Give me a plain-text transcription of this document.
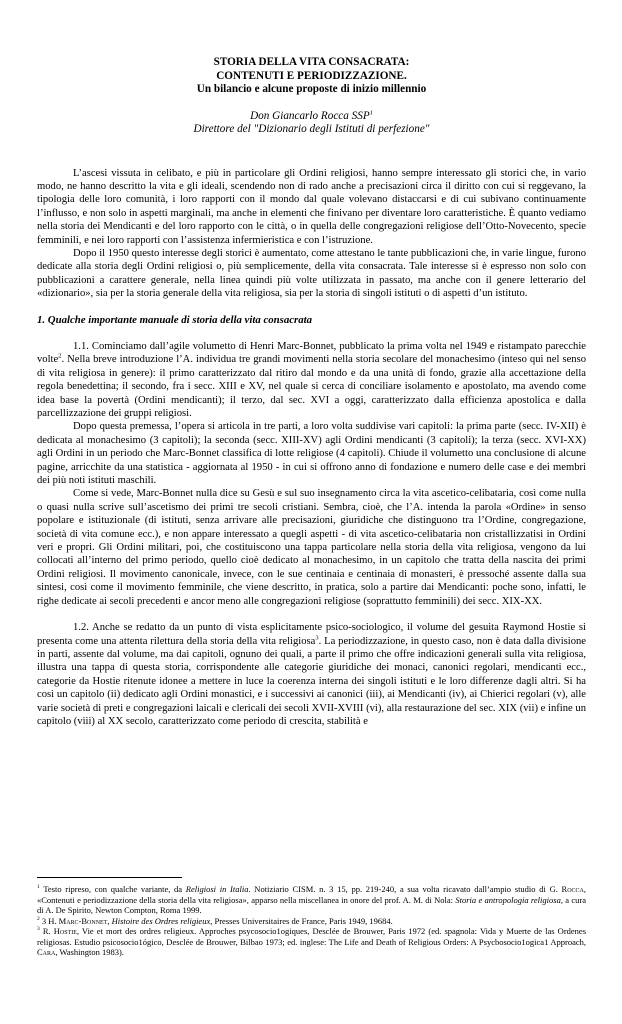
STORIA DELLA VITA CONSACRATA:

CONTENUTI E PERIODIZZAZIONE.

Un bilancio e alcune proposte di inizio millennio

Don Giancarlo Rocca SSP$^1$
Direttore del "Dizionario degli Istituti di perfezione"

L’ascesi vissuta in celibato, e più in particolare gli Ordini religiosi, hanno sempre interessato gli storici che, in vario modo, ne hanno descritto la vita e gli ideali, scendendo non di rado anche a precisazioni circa il diritto con cui si reggevano, la tipologia delle loro comunità, i loro rapporti con il mondo dal quale volevano distaccarsi e di cui subivano continuamente l’influsso, e non solo in aspetti marginali, ma anche in elementi che finivano per diventare loro caratteristiche. È quanto vediamo nella storia dei Mendicanti e del loro rapporto con le città, o in quella delle congregazioni religiose dell’Otto-Novecento, specie femminili, e nei loro rapporti con l’assistenza infermieristica e con l’istruzione.

Dopo il 1950 questo interesse degli storici è aumentato, come attestano le tante pubblicazioni che, in varie lingue, furono dedicate alla storia degli Ordini religiosi o, più semplicemente, della vita consacrata. Tale interesse si è espresso non solo con pubblicazioni a carattere generale, nella linea quindi più volte utilizzata in passato, ma anche con il genere letterario del «dizionario», sia per la storia generale della vita religiosa, sia per la storia di singoli istituti o di aspetti d’un istituto.

1. Qualche importante manuale di storia della vita consacrata

1.1. Cominciamo dall’agile volumetto di Henri Marc-Bonnet, pubblicato la prima volta nel 1949 e ristampato parecchie volte$^2$. Nella breve introduzione l’A. individua tre grandi movimenti nella storia secolare del monachesimo (inteso qui nel senso di vita religiosa in genere): il primo caratterizzato dal ritiro dal mondo e da una unità di fondo, grazie alla accettazione della regola benedettina; il secondo, fra i secc. XIII e XV, nel quale si cerca di conciliare isolamento e apostolato, ma avendo come idea base la povertà (Ordini mendicanti); il terzo, dal sec. XVI a oggi, caratterizzato dalla efficienza apostolica e dalla parcellizzazione dei gruppi religiosi.

Dopo questa premessa, l’opera si articola in tre parti, a loro volta suddivise vari capitoli: la prima parte (secc. IV-XII) è dedicata al monachesimo (3 capitoli); la seconda (secc. XIII-XV) agli Ordini mendicanti (3 capitoli); la terza (secc. XVI-XX) agli Ordini in un periodo che Marc-Bonnet classifica di lotte religiose (4 capitoli). Chiude il volumetto una conclusione di alcune pagine, arricchite da una statistica - aggiornata al 1950 - in cui si offrono anno di fondazione e numero delle case e dei membri dei più noti istituti maschili.

Come si vede, Marc-Bonnet nulla dice su Gesù e sul suo insegnamento circa la vita ascetico-celibataria, così come nulla o quasi nulla scrive sull’ascetismo dei primi tre secoli cristiani. Sembra, cioè, che l’A. intenda la parola «Ordine» in senso popolare e istituzionale (di istituti, senza arrivare alle precisazioni, giuridiche che distinguono tra l’Ordine, congregazione, società di vita comune ecc.), e non appare interessato a quegli aspetti - di vita ascetico-celibataria non cristallizzatisi in Ordini veri e propri. Gli Ordini militari, poi, che costituiscono una tappa particolare nella storia della vita religiosa, vengono da lui collocati all’interno del primo periodo, quello cioè dedicato al monachesimo, in un capitolo che tratta della nascita dei primi Ordini religiosi. Il movimento canonicale, invece, con le sue centinaia e centinaia di monasteri, è pressoché assente dalla sua sintesi, così come il movimento femminile, che viene descritto, in pratica, solo a partire dai Mendicanti: poche sono, infatti, le righe dedicate ai secoli precedenti e ancor meno alle congregazioni religiose (soprattutto femminili) dei secc. XIX-XX.

1.2. Anche se redatto da un punto di vista esplicitamente psico-sociologico, il volume del gesuita Raymond Hostie si presenta come una attenta rilettura della storia della vita religiosa$^3$. La periodizzazione, in questo caso, non è data dalla divisione in parti, assente dal volume, ma dai capitoli, ognuno dei quali, a parte il primo che offre indicazioni generali sulla vita religiosa, illustra una tappa di questa storia, corrispondente alle categorie giuridiche dei monaci, canonici regolari, mendicanti ecc., categorie da Hostie ritenute idonee a mettere in luce la coerenza interna dei singoli istituti e le loro differenze dagli altri. Si ha così un capitolo (ii) dedicato agli Ordini monastici, e i successivi ai canonici (iii), ai Mendicanti (iv), ai Chierici regolari (v), alle varie società di preti e congregazioni laicali e clericali dei secoli XVII-XVIII (vi), alla restaurazione del sec. XIX (vii) e infine un capitolo (viii) al XX secolo, caratterizzato come periodo di crescita, stabilità e

$^1$ Testo ripreso, con qualche variante, da Religiosi in Italia. Notiziario CISM. n. 3 15, pp. 219-240, a sua volta ricavato dall’ampio studio di G. Rocca, «Contenuti e periodizzazione della storia della vita religiosa», apparso nella miscellanea in onore del prof. A. M. di Nola: Storia e antropologia religiosa, a cura di A. De Spirito, Newton Compton, Roma 1999.

$^2$ 3 H. Marc-Bonnet, Histoire des Ordres religieux, Presses Universitaires de France, Paris 1949, 19684.

$^3$ R. Hostie, Vie et mort des ordres religieux. Approches psycosocio1ogiques, Desclée de Brouwer, Paris 1972 (ed. spagnola: Vida y Muerte de las Ordenes religiosas. Estudio psicosocio1ógico, Desclée de Brouwer, Bilbao 1973; ed. inglese: The Life and Death of Religious Orders: A Psycbosocio1ogica1 Approach, Cara, Washington 1983).
